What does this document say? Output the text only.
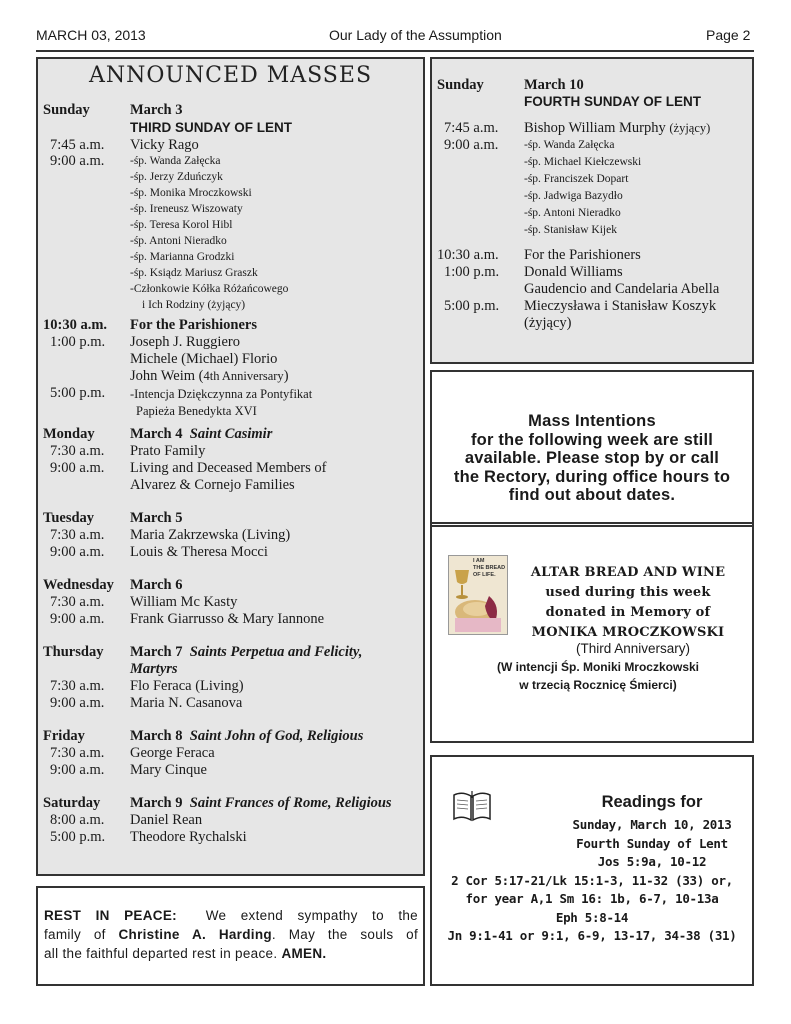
MARCH 03, 2013	Our Lady of the Assumption	Page 2
ANNOUNCED MASSES
Sunday	March 3
THIRD SUNDAY OF LENT
7:45 a.m. Vicky Rago
9:00 a.m. -śp. Wanda Załęcka
-śp. Jerzy Zduńczyk
-śp. Monika Mroczkowski
-śp. Ireneusz Wiszowaty
-śp. Teresa Korol Hibl
-śp. Antoni Nieradko
-śp. Marianna Grodzki
-śp. Ksiądz Mariusz Graszk
-Członkowie Kółka Różańcowego
i Ich Rodziny (żyjący)
10:30 a.m. For the Parishioners
1:00 p.m. Joseph J. Ruggiero
Michele (Michael) Florio
John Weim (4th Anniversary)
5:00 p.m. -Intencja Dziękczynna za Pontyfikat
Papieża Benedykta XVI
Monday March 4 Saint Casimir
7:30 a.m. Prato Family
9:00 a.m. Living and Deceased Members of
Alvarez & Cornejo Families
Tuesday March 5
7:30 a.m. Maria Zakrzewska (Living)
9:00 a.m. Louis & Theresa Mocci
Wednesday March 6
7:30 a.m. William Mc Kasty
9:00 a.m. Frank Giarrusso & Mary Iannone
Thursday March 7 Saints Perpetua and Felicity,
Martyrs
7:30 a.m. Flo Feraca (Living)
9:00 a.m. Maria N. Casanova
Friday	March 8 Saint John of God, Religious
7:30 a.m. George Feraca
9:00 a.m. Mary Cinque
Saturday March 9 Saint Frances of Rome, Religious
8:00 a.m. Daniel Rean
5:00 p.m. Theodore Rychalski
REST IN PEACE: We extend sympathy to the
family of Christine A. Harding. May the souls of
all the faithful departed rest in peace. AMEN.
Sunday	March 10
FOURTH SUNDAY OF LENT
7:45 a.m. Bishop William Murphy (żyjący)
9:00 a.m. -śp. Wanda Załęcka
-śp. Michael Kiełczewski
-śp. Franciszek Dopart
-śp. Jadwiga Bazydło
-śp. Antoni Nieradko
-śp. Stanisław Kijek
10:30 a.m. For the Parishioners
1:00 p.m. Donald Williams
Gaudencio and Candelaria Abella
5:00 p.m. Mieczysława i Stanisław Koszyk
(żyjący)
Mass Intentions
for the following week are still
available. Please stop by or call
the Rectory, during office hours to
find out about dates.
I AM
THE BREAD
OF LIFE.	ALTAR BREAD AND WINE
used during this week
donated in Memory of
MONIKA MROCZKOWSKI
(Third Anniversary)
(W intencji Śp. Moniki Mroczkowski
w trzecią Rocznicę Śmierci)
Readings for
Sunday, March 10, 2013
Fourth Sunday of Lent
Jos 5:9a, 10-12
2 Cor 5:17-21/Lk 15:1-3, 11-32 (33) or,
for year A,1 Sm 16: 1b, 6-7, 10-13a
Eph 5:8-14
Jn 9:1-41 or 9:1, 6-9, 13-17, 34-38 (31)
